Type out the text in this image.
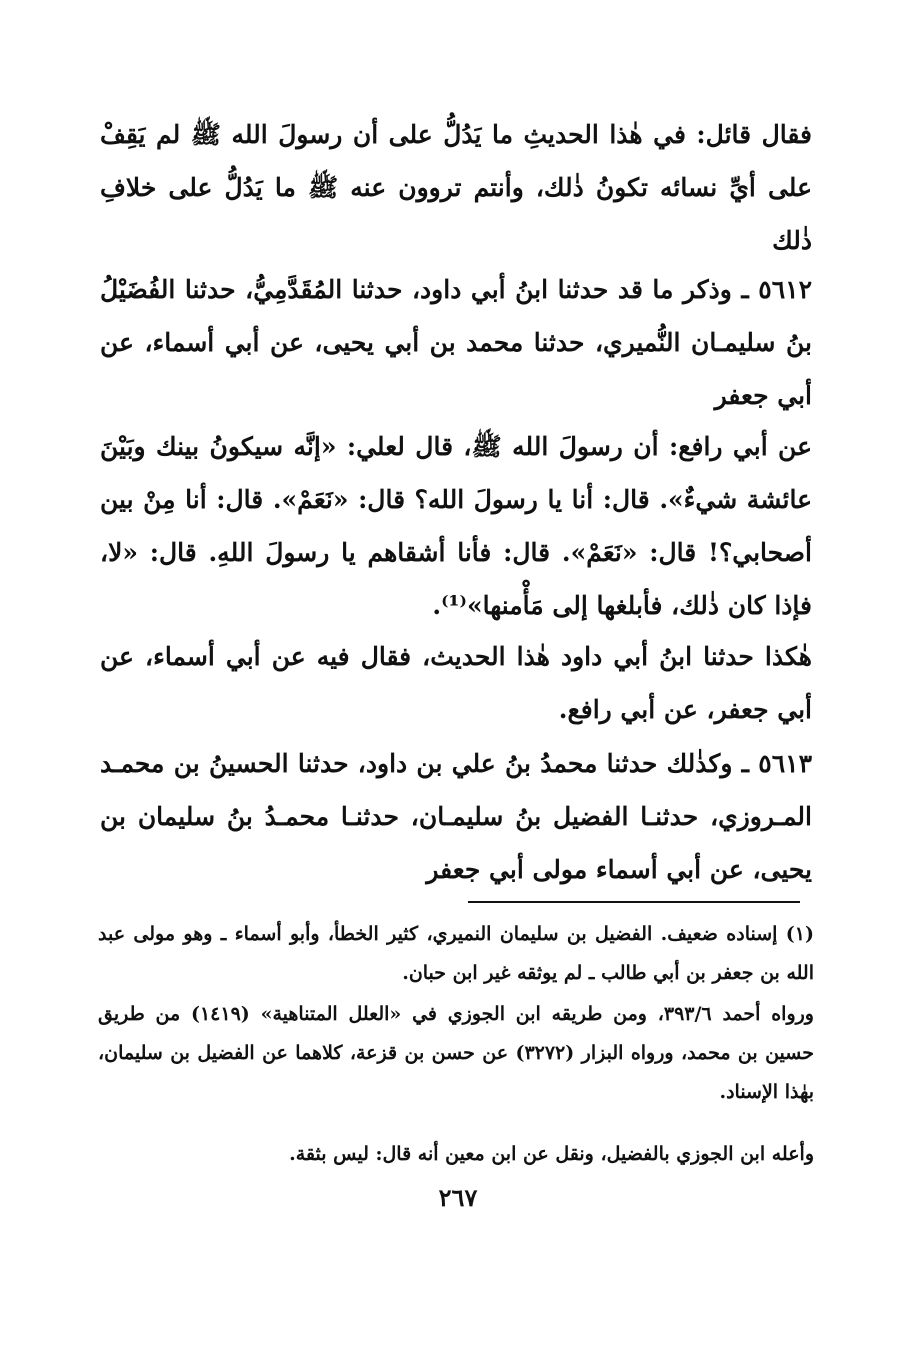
فقال قائل: في هٰذا الحديثِ ما يَدُلُّ على أن رسولَ الله ﷺ لم يَقِفْ على أيِّ نسائه تكونُ ذٰلك، وأنتم تروون عنه ﷺ ما يَدُلُّ على خلافِ ذٰلك

٥٦١٢ ـ وذكر ما قد حدثنا ابنُ أبي داود، حدثنا المُقَدَّمِيُّ، حدثنا الفُضَيْلُ بنُ سليمـان النُّميري، حدثنا محمد بن أبي يحيى، عن أبي أسماء، عن أبي جعفر

عن أبي رافع: أن رسولَ الله ﷺ، قال لعلي: «إنَّه سيكونُ بينك وبَيْنَ عائشة شيءٌ». قال: أنا يا رسولَ الله؟ قال: «نَعَمْ». قال: أنا مِنْ بين أصحابي؟! قال: «نَعَمْ». قال: فأنا أشقاهم يا رسولَ اللهِ. قال: «لا، فإذا كان ذٰلك، فأبلغها إلى مَأْمنها»⁽¹⁾.

هٰكذا حدثنا ابنُ أبي داود هٰذا الحديث، فقال فيه عن أبي أسماء، عن أبي جعفر، عن أبي رافع.

٥٦١٣ ـ وكذٰلك حدثنا محمدُ بنُ علي بن داود، حدثنا الحسينُ بن محمـد المـروزي، حدثنـا الفضيل بنُ سليمـان، حدثنـا محمـدُ بنُ سليمان بن يحيى، عن أبي أسماء مولى أبي جعفر

(١) إسناده ضعيف. الفضيل بن سليمان النميري، كثير الخطأ، وأبو أسماء ـ وهو مولى عبد الله بن جعفر بن أبي طالب ـ لم يوثقه غير ابن حبان.

ورواه أحمد ٣٩٣/٦، ومن طريقه ابن الجوزي في «العلل المتناهية» (١٤١٩) من طريق حسين بن محمد، ورواه البزار (٣٢٧٢) عن حسن بن قزعة، كلاهما عن الفضيل بن سليمان، بهٰذا الإسناد.

وأعله ابن الجوزي بالفضيل، ونقل عن ابن معين أنه قال: ليس بثقة.

٢٦٧
